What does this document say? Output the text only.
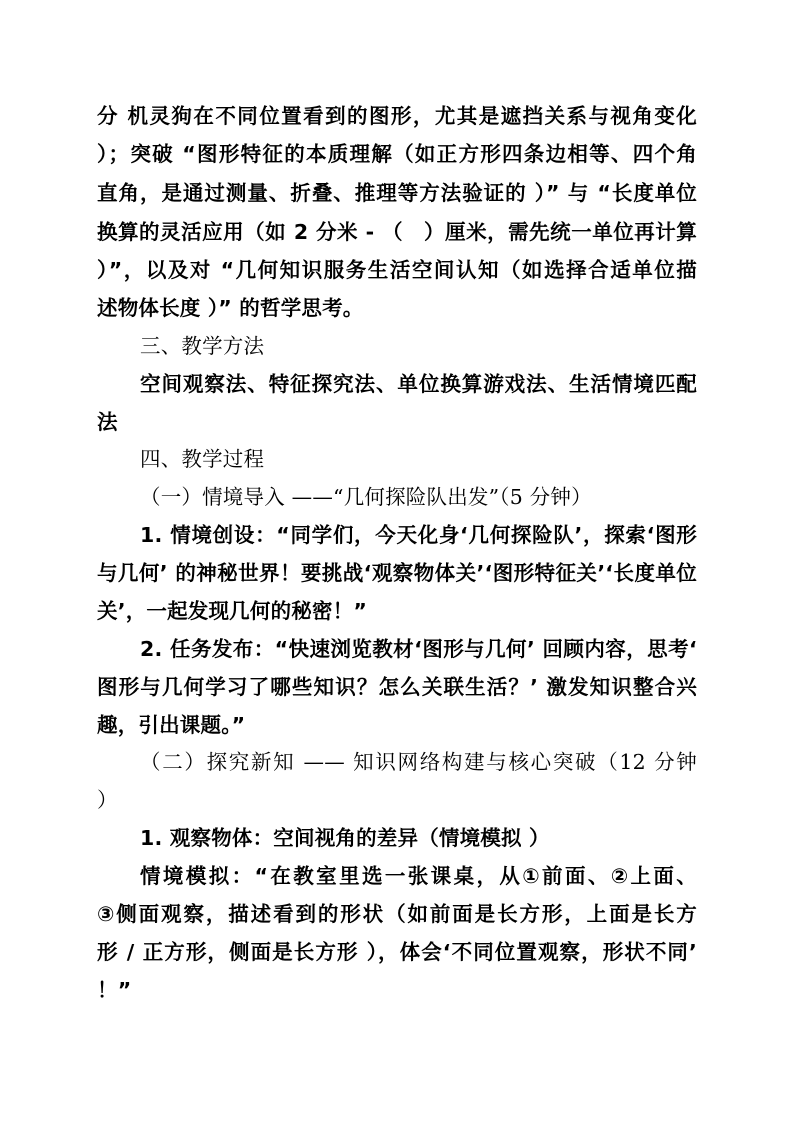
分 机灵狗在不同位置看到的图形，尤其是遮挡关系与视角变化
）；突破 “图形特征的本质理解（如正方形四条边相等、四个角
直角，是通过测量、折叠、推理等方法验证的 ）” 与 “长度单位
换算的灵活应用（如 2 分米 - （　）厘米，需先统一单位再计算
）”，以及对 “几何知识服务生活空间认知（如选择合适单位描
述物体长度 ）” 的哲学思考。
三、教学方法
空间观察法、特征探究法、单位换算游戏法、生活情境匹配
法
四、教学过程
（一）情境导入 ——“几何探险队出发”（5 分钟）
1. 情境创设：“同学们，今天化身‘几何探险队’，探索‘图形
与几何’ 的神秘世界！要挑战‘观察物体关’‘图形特征关’‘长度单位
关’，一起发现几何的秘密！”
2. 任务发布：“快速浏览教材‘图形与几何’ 回顾内容，思考‘
图形与几何学习了哪些知识？怎么关联生活？’ 激发知识整合兴
趣，引出课题。”
（二）探究新知 —— 知识网络构建与核心突破（12 分钟
）
1. 观察物体：空间视角的差异（情境模拟 ）
情境模拟：“在教室里选一张课桌，从①前面、②上面、
③侧面观察，描述看到的形状（如前面是长方形，上面是长方
形 / 正方形，侧面是长方形 ），体会‘不同位置观察，形状不同’
！”
